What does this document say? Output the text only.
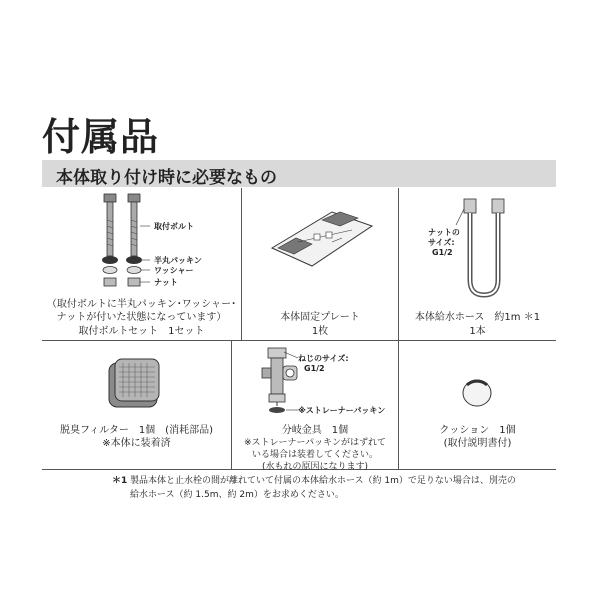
付属品
本体取り付け時に必要なもの
取付ボルト
半丸パッキン
ワッシャー
ナット
（取付ボルトに半丸パッキン･ワッシャー･
ナットが付いた状態になっています）
取付ボルトセット　1セット
本体固定プレート
1枚
ナットの
サイズ:
G1/2
本体給水ホース　約1m ＊1
1本
脱臭フィルター　1個　(消耗部品)
※本体に装着済
ねじのサイズ:
G1/2
※ストレーナーパッキン
分岐金具　1個
※ストレーナーパッキンがはずれて
いる場合は装着してください。
(水もれの原因になります)
クッション　1個
(取付説明書付)
＊1 製品本体と止水栓の間が離れていて付属の本体給水ホース（約 1m）で足りない場合は、別売の
給水ホース（約 1.5m、約 2m）をお求めください。
